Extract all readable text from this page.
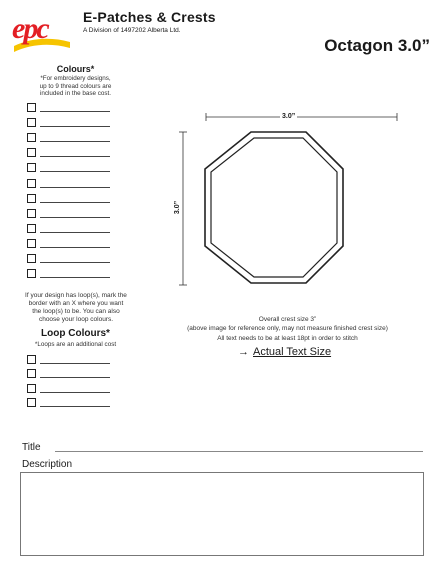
epc	E-Patches & Crests
A Division of 1497202 Alberta Ltd.
Octagon 3.0”
Colours*
*For embroidery designs,
up to 9 thread colours are
included in the base cost.
If your design has loop(s), mark the
border with an X where you want
the loop(s) to be. You can also
choose your loop colours.
Loop Colours*
*Loops are an additional cost
3.0”
3.0”
Overall crest size 3”
(above image for reference only, may not measure finished crest size)
All text needs to be at least 18pt in order to stitch
→ Actual Text Size
Title
Description
